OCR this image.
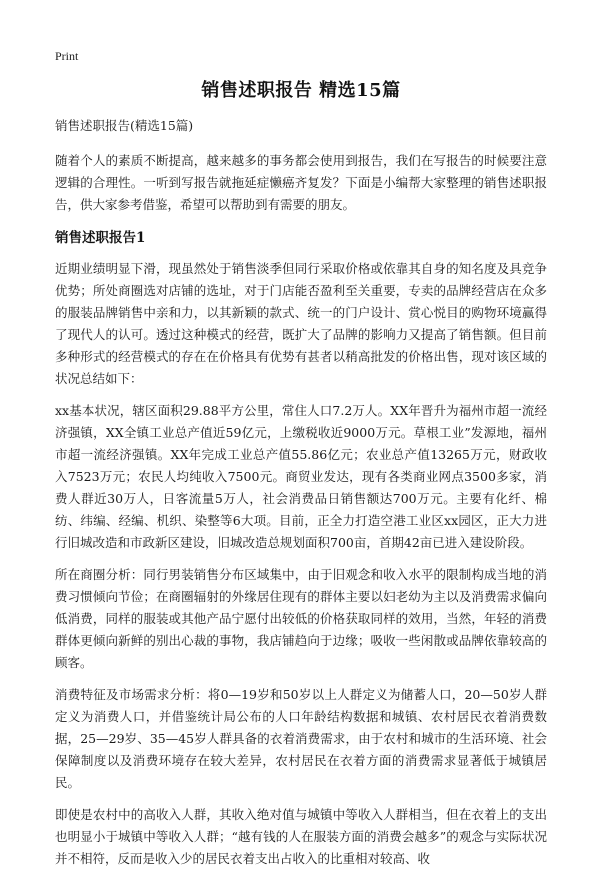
Print
销售述职报告 精选15篇
销售述职报告(精选15篇)

随着个人的素质不断提高，越来越多的事务都会使用到报告，我们在写报告的时候要注意逻辑的合理性。一听到写报告就拖延症懒癌齐复发？下面是小编帮大家整理的销售述职报告，供大家参考借鉴，希望可以帮助到有需要的朋友。

销售述职报告1

近期业绩明显下滑，现虽然处于销售淡季但同行采取价格或依靠其自身的知名度及具竞争优势；所处商圈选对店铺的选址，对于门店能否盈利至关重要，专卖的品牌经营店在众多的服装品牌销售中亲和力，以其新颖的款式、统一的门户设计、赏心悦目的购物环境赢得了现代人的认可。透过这种模式的经营，既扩大了品牌的影响力又提高了销售额。但目前多种形式的经营模式的存在在价格具有优势有甚者以稍高批发的价格出售，现对该区域的状况总结如下：

xx基本状况，辖区面积29.88平方公里，常住人口7.2万人。XX年晋升为福州市超一流经济强镇，XX全镇工业总产值近59亿元，上缴税收近9000万元。草根工业”发源地，福州市超一流经济强镇。XX年完成工业总产值55.86亿元；农业总产值13265万元，财政收入7523万元；农民人均纯收入7500元。商贸业发达，现有各类商业网点3500多家，消费人群近30万人，日客流量5万人，社会消费品日销售额达700万元。主要有化纤、棉纺、纬编、经编、机织、染整等6大项。目前，正全力打造空港工业区xx园区，正大力进行旧城改造和市政新区建设，旧城改造总规划面积700亩，首期42亩已进入建设阶段。

所在商圈分析：同行男装销售分布区域集中，由于旧观念和收入水平的限制构成当地的消费习惯倾向节俭；在商圈辐射的外缘居住现有的群体主要以妇老幼为主以及消费需求偏向低消费，同样的服装或其他产品宁愿付出较低的价格获取同样的效用，当然，年轻的消费群体更倾向新鲜的别出心裁的事物，我店铺趋向于边缘；吸收一些闲散或品牌依靠较高的顾客。

消费特征及市场需求分析：将0—19岁和50岁以上人群定义为储蓄人口，20—50岁人群定义为消费人口，并借鉴统计局公布的人口年龄结构数据和城镇、农村居民衣着消费数据，25—29岁、35—45岁人群具备的衣着消费需求，由于农村和城市的生活环境、社会保障制度以及消费环境存在较大差异，农村居民在衣着方面的消费需求显著低于城镇居民。

即使是农村中的高收入人群，其收入绝对值与城镇中等收入人群相当，但在衣着上的支出也明显小于城镇中等收入人群；“越有钱的人在服装方面的消费会越多”的观念与实际状况并不相符，反而是收入少的居民衣着支出占收入的比重相对较高、收
